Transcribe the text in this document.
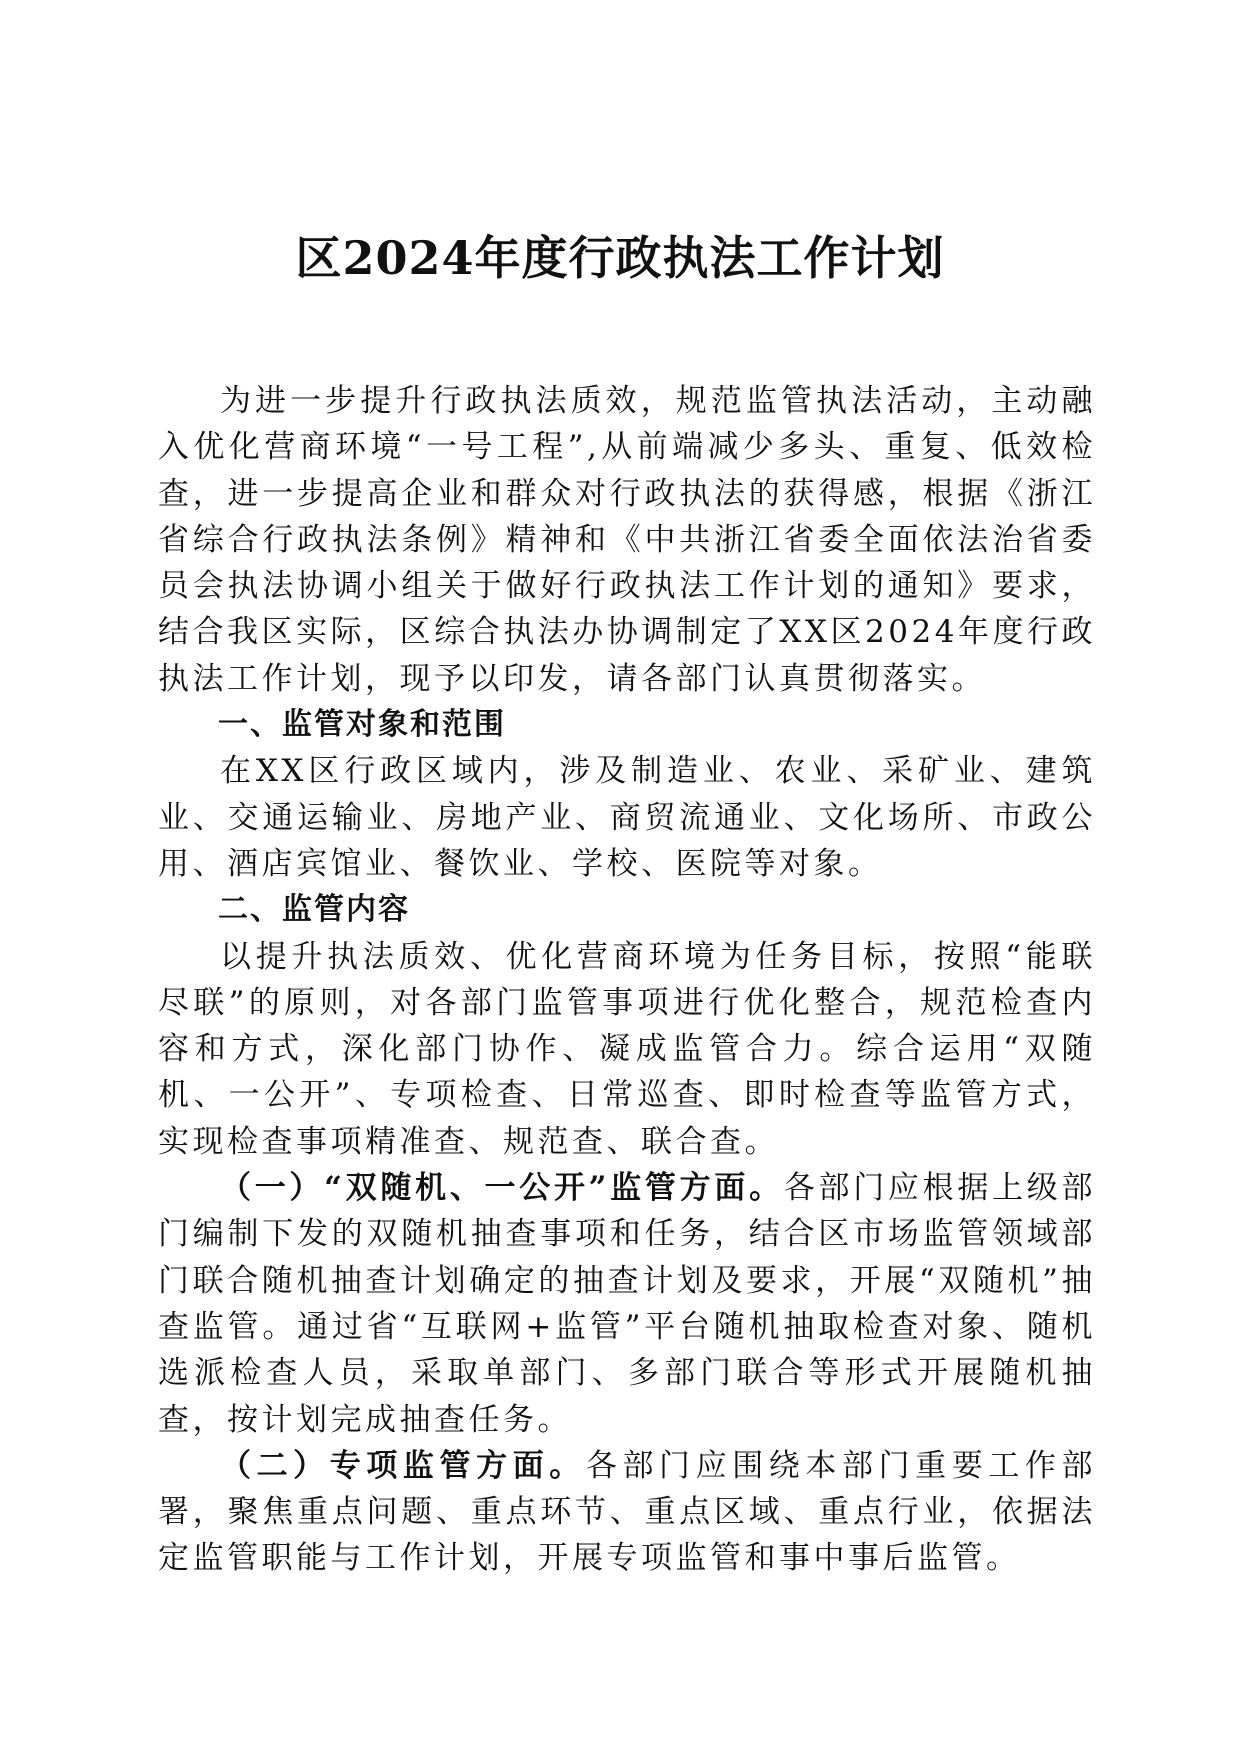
区2024年度行政执法工作计划

为进一步提升行政执法质效，规范监管执法活动，主动融入优化营商环境“一号工程”,从前端减少多头、重复、低效检查，进一步提高企业和群众对行政执法的获得感，根据《浙江省综合行政执法条例》精神和《中共浙江省委全面依法治省委员会执法协调小组关于做好行政执法工作计划的通知》要求，结合我区实际，区综合执法办协调制定了XX区2024年度行政执法工作计划，现予以印发，请各部门认真贯彻落实。

一、监管对象和范围

在XX区行政区域内，涉及制造业、农业、采矿业、建筑业、交通运输业、房地产业、商贸流通业、文化场所、市政公用、酒店宾馆业、餐饮业、学校、医院等对象。

二、监管内容

以提升执法质效、优化营商环境为任务目标，按照“能联尽联”的原则，对各部门监管事项进行优化整合，规范检查内容和方式，深化部门协作、凝成监管合力。综合运用“双随机、一公开”、专项检查、日常巡查、即时检查等监管方式，实现检查事项精准查、规范查、联合查。

（一）“双随机、一公开”监管方面。各部门应根据上级部门编制下发的双随机抽查事项和任务，结合区市场监管领域部门联合随机抽查计划确定的抽查计划及要求，开展“双随机”抽查监管。通过省“互联网+监管”平台随机抽取检查对象、随机选派检查人员，采取单部门、多部门联合等形式开展随机抽查，按计划完成抽查任务。

（二）专项监管方面。各部门应围绕本部门重要工作部署，聚焦重点问题、重点环节、重点区域、重点行业，依据法定监管职能与工作计划，开展专项监管和事中事后监管。
